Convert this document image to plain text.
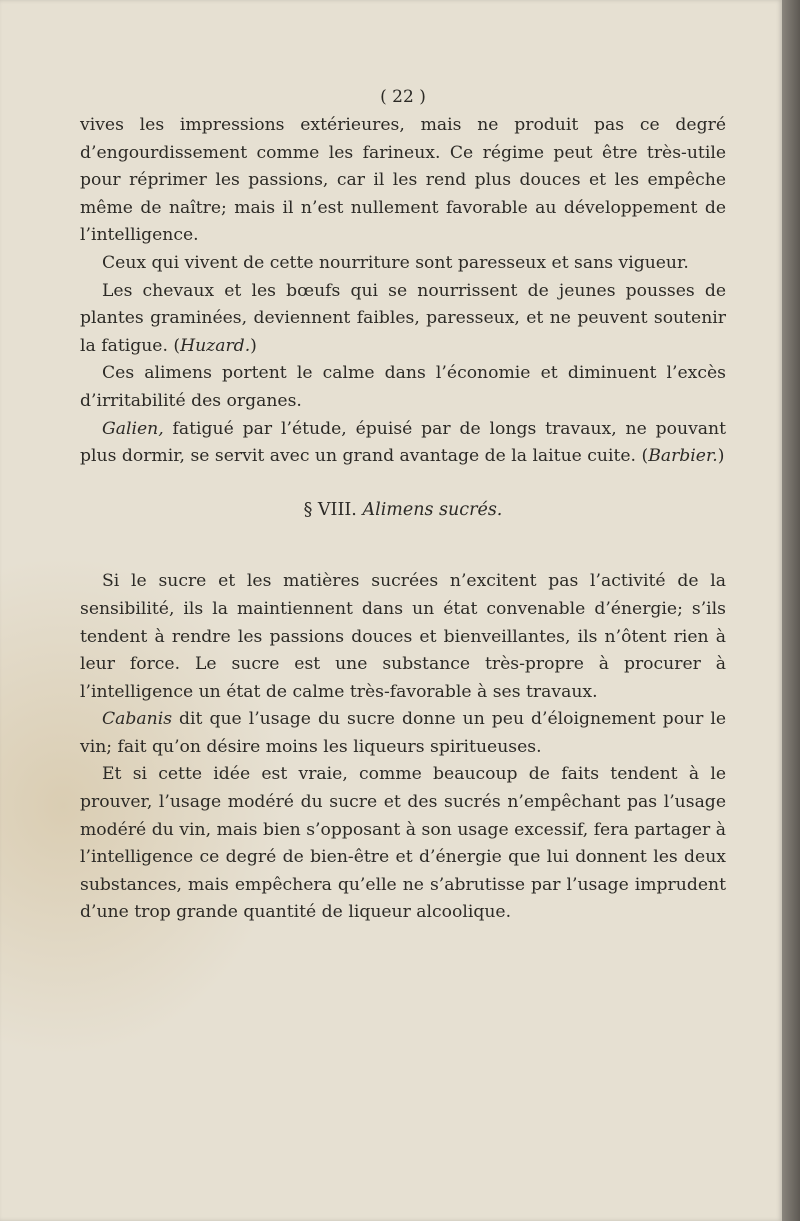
( 22 )

vives les impressions extérieures, mais ne produit pas ce degré d’engourdissement comme les farineux. Ce régime peut être très-utile pour réprimer les passions, car il les rend plus douces et les empêche même de naître; mais il n’est nullement favorable au développement de l’intelligence.

Ceux qui vivent de cette nourriture sont paresseux et sans vigueur.

Les chevaux et les bœufs qui se nourrissent de jeunes pousses de plantes graminées, deviennent faibles, paresseux, et ne peuvent soutenir la fatigue. (Huzard.)

Ces alimens portent le calme dans l’économie et diminuent l’excès d’irritabilité des organes.

Galien, fatigué par l’étude, épuisé par de longs travaux, ne pouvant plus dormir, se servit avec un grand avantage de la laitue cuite. (Barbier.)

§ VIII. Alimens sucrés.

Si le sucre et les matières sucrées n’excitent pas l’activité de la sensibilité, ils la maintiennent dans un état convenable d’énergie; s’ils tendent à rendre les passions douces et bienveillantes, ils n’ôtent rien à leur force. Le sucre est une substance très-propre à procurer à l’intelligence un état de calme très-favorable à ses travaux.

Cabanis dit que l’usage du sucre donne un peu d’éloignement pour le vin; fait qu’on désire moins les liqueurs spiritueuses.

Et si cette idée est vraie, comme beaucoup de faits tendent à le prouver, l’usage modéré du sucre et des sucrés n’empêchant pas l’usage modéré du vin, mais bien s’opposant à son usage excessif, fera partager à l’intelligence ce degré de bien-être et d’énergie que lui donnent les deux substances, mais empêchera qu’elle ne s’abrutisse par l’usage imprudent d’une trop grande quantité de liqueur alcoolique.
